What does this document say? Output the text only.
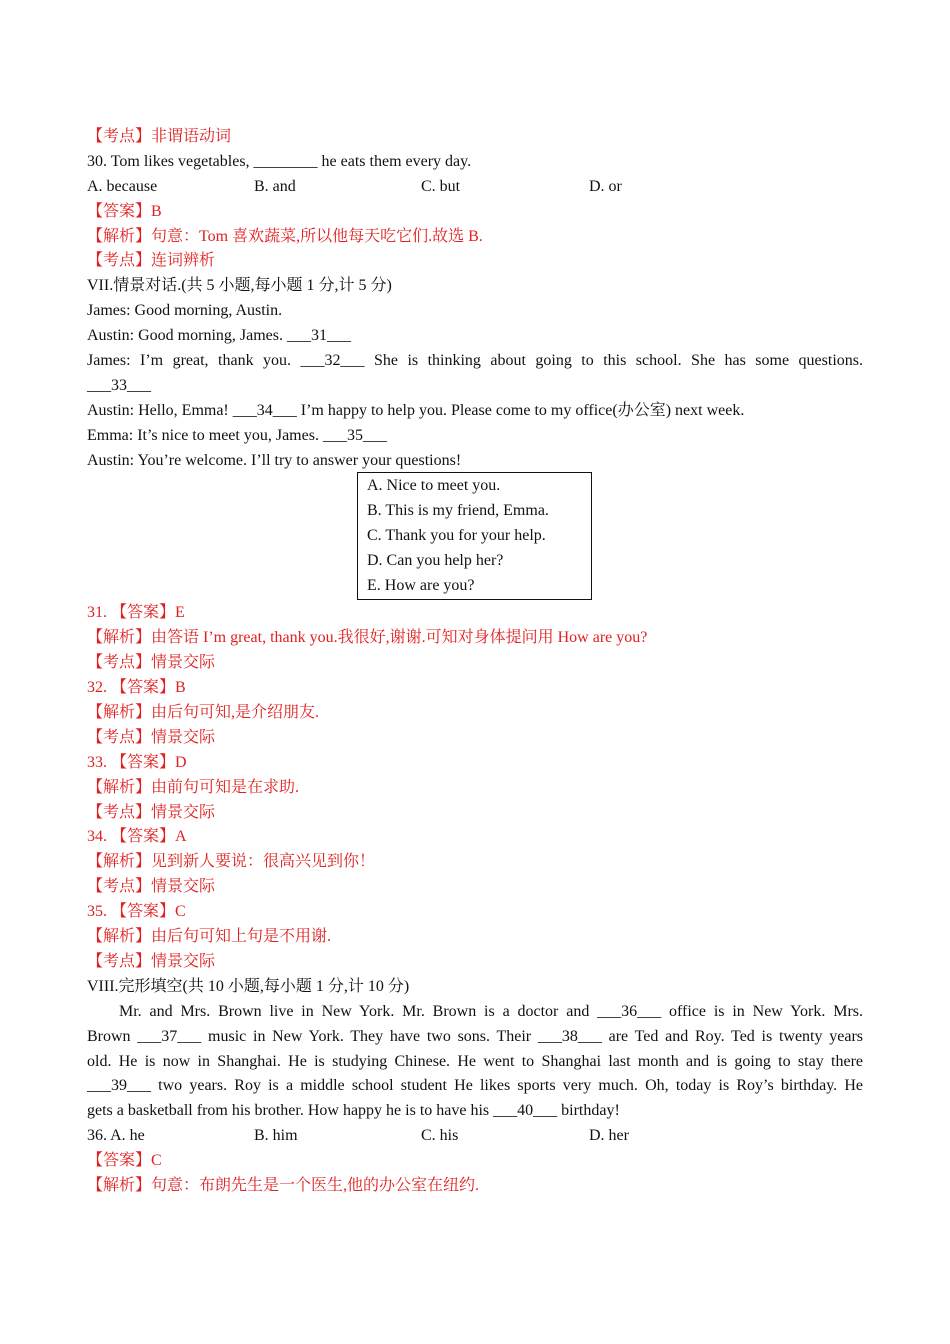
【考点】非谓语动词
30. Tom likes vegetables, ________ he eats them every day.
A. because	B. and	C. but	D. or
【答案】B
【解析】句意：Tom 喜欢蔬菜,所以他每天吃它们.故选 B.
【考点】连词辨析
VII.情景对话.(共 5 小题,每小题 1 分,计 5 分)
James: Good morning, Austin.
Austin: Good morning, James. ___31___
James: I’m great, thank you. ___32___ She is thinking about going to this school. She has some questions.
___33___
Austin: Hello, Emma! ___34___ I’m happy to help you. Please come to my office(办公室) next week.
Emma: It’s nice to meet you, James. ___35___
Austin: You’re welcome. I’ll try to answer your questions!
A. Nice to meet you.
B. This is my friend, Emma.
C. Thank you for your help.
D. Can you help her?
E. How are you?
31. 【答案】E
【解析】由答语 I’m great, thank you.我很好,谢谢.可知对身体提问用 How are you?
【考点】情景交际
32. 【答案】B
【解析】由后句可知,是介绍朋友.
【考点】情景交际
33. 【答案】D
【解析】由前句可知是在求助.
【考点】情景交际
34. 【答案】A
【解析】见到新人要说：很高兴见到你！
【考点】情景交际
35. 【答案】C
【解析】由后句可知上句是不用谢.
【考点】情景交际
VIII.完形填空(共 10 小题,每小题 1 分,计 10 分)
Mr. and Mrs. Brown live in New York. Mr. Brown is a doctor and ___36___ office is in New York. Mrs.
Brown ___37___ music in New York. They have two sons. Their ___38___ are Ted and Roy. Ted is twenty years
old. He is now in Shanghai. He is studying Chinese. He went to Shanghai last month and is going to stay there
___39___ two years. Roy is a middle school student He likes sports very much. Oh, today is Roy’s birthday. He
gets a basketball from his brother. How happy he is to have his ___40___ birthday!
36. A. he	B. him	C. his	D. her
【答案】C
【解析】句意：布朗先生是一个医生,他的办公室在纽约.
